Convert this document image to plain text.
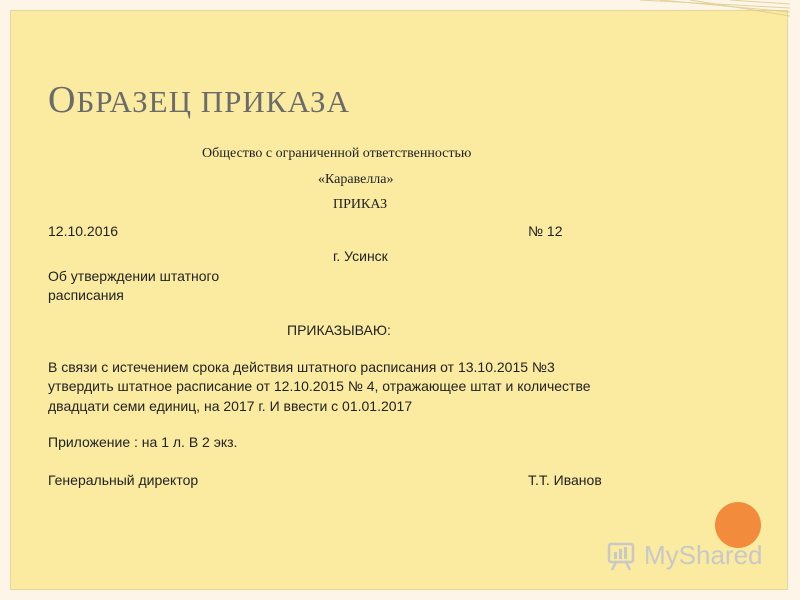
ОБРАЗЕЦ ПРИКАЗА
Общество с ограниченной ответственностью
«Каравелла»
ПРИКАЗ
12.10.2016	№ 12
г. Усинск
Об утверждении штатного
расписания
ПРИКАЗЫВАЮ:
В связи с истечением срока действия штатного расписания от 13.10.2015 №3
утвердить штатное расписание от 12.10.2015 № 4, отражающее штат и количестве
двадцати семи единиц, на 2017 г. И ввести с 01.01.2017
Приложение : на 1 л. В 2 экз.
Генеральный директор	Т.Т. Иванов
MyShared
